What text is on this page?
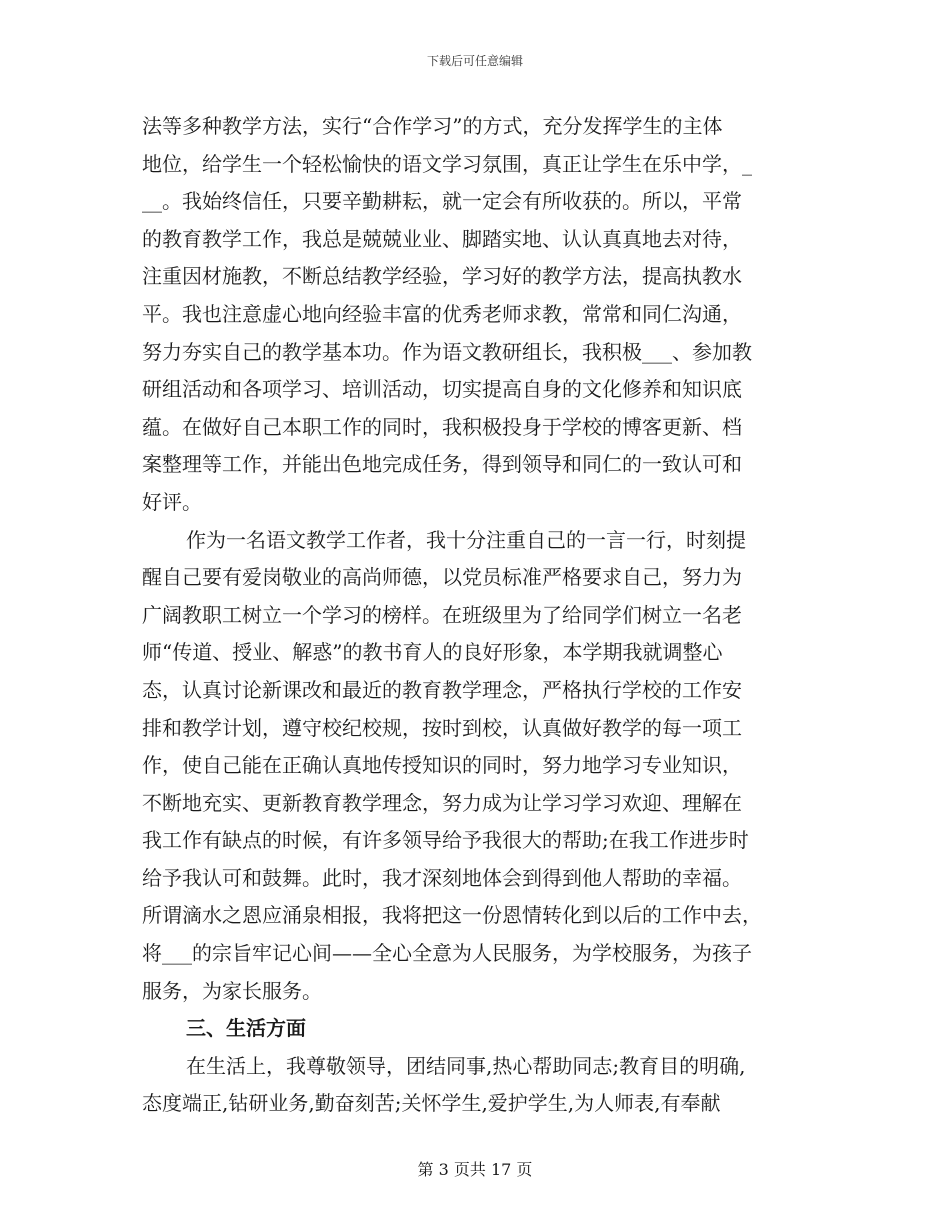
下载后可任意编辑
法等多种教学方法，实行“合作学习”的方式，充分发挥学生的主体
地位，给学生一个轻松愉快的语文学习氛围，真正让学生在乐中学，_
__。我始终信任，只要辛勤耕耘，就一定会有所收获的。所以，平常
的教育教学工作，我总是兢兢业业、脚踏实地、认认真真地去对待，
注重因材施教，不断总结教学经验，学习好的教学方法，提高执教水
平。我也注意虚心地向经验丰富的优秀老师求教，常常和同仁沟通，
努力夯实自己的教学基本功。作为语文教研组长，我积极___、参加教
研组活动和各项学习、培训活动，切实提高自身的文化修养和知识底
蕴。在做好自己本职工作的同时，我积极投身于学校的博客更新、档
案整理等工作，并能出色地完成任务，得到领导和同仁的一致认可和
好评。
作为一名语文教学工作者，我十分注重自己的一言一行，时刻提
醒自己要有爱岗敬业的高尚师德，以党员标准严格要求自己，努力为
广阔教职工树立一个学习的榜样。在班级里为了给同学们树立一名老
师“传道、授业、解惑”的教书育人的良好形象，本学期我就调整心
态，认真讨论新课改和最近的教育教学理念，严格执行学校的工作安
排和教学计划，遵守校纪校规，按时到校，认真做好教学的每一项工
作，使自己能在正确认真地传授知识的同时，努力地学习专业知识，
不断地充实、更新教育教学理念，努力成为让学习学习欢迎、理解在
我工作有缺点的时候，有许多领导给予我很大的帮助;在我工作进步时
给予我认可和鼓舞。此时，我才深刻地体会到得到他人帮助的幸福。
所谓滴水之恩应涌泉相报，我将把这一份恩情转化到以后的工作中去，
将___的宗旨牢记心间——全心全意为人民服务，为学校服务，为孩子
服务，为家长服务。
三、生活方面
在生活上，我尊敬领导，团结同事,热心帮助同志;教育目的明确,
态度端正,钻研业务,勤奋刻苦;关怀学生,爱护学生,为人师表,有奉献
第 3 页共 17 页
